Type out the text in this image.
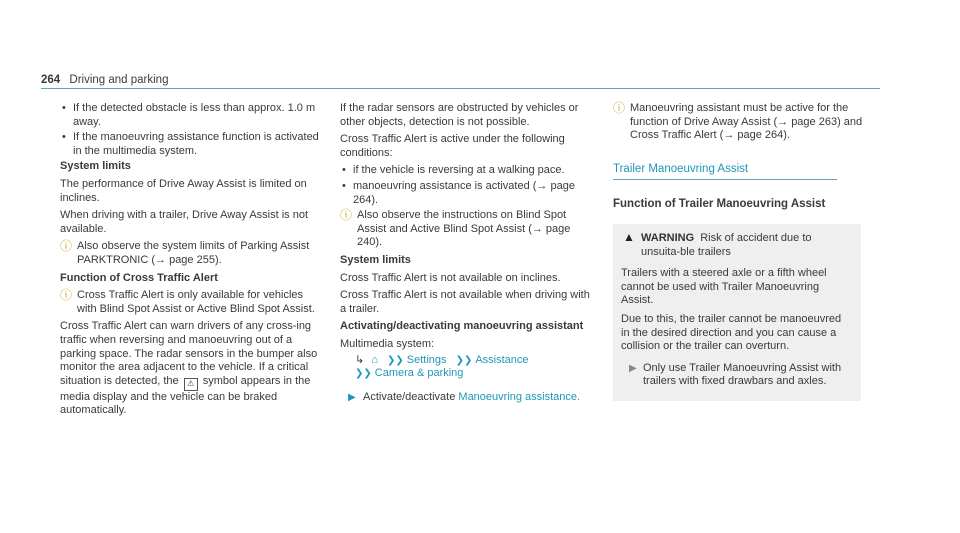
264 Driving and parking
• If the detected obstacle is less than approx. 1.0 m away.
• If the manoeuvring assistance function is activated in the multimedia system.

System limits

The performance of Drive Away Assist is limited on inclines.

When driving with a trailer, Drive Away Assist is not available.

ⓘ Also observe the system limits of Parking Assist PARKTRONIC (→ page 255).

Function of Cross Traffic Alert

ⓘ Cross Traffic Alert is only available for vehicles with Blind Spot Assist or Active Blind Spot Assist.

Cross Traffic Alert can warn drivers of any cross-ing traffic when reversing and manoeuvring out of a parking space. The radar sensors in the bumper also monitor the area adjacent to the vehicle. If a critical situation is detected, the ⚠ symbol appears in the media display and the vehicle can be braked automatically.

If the radar sensors are obstructed by vehicles or other objects, detection is not possible.

Cross Traffic Alert is active under the following conditions:

• if the vehicle is reversing at a walking pace.
• manoeuvring assistance is activated (→ page 264).
ⓘ Also observe the instructions on Blind Spot Assist and Active Blind Spot Assist (→ page 240).

System limits

Cross Traffic Alert is not available on inclines.

Cross Traffic Alert is not available when driving with a trailer.

Activating/deactivating manoeuvring assistant

Multimedia system:

↳ ⌂ ❯❯ Settings ❯❯ Assistance
❯❯ Camera & parking
▶ Activate/deactivate Manoeuvring assistance.
ⓘ Manoeuvring assistant must be active for the function of Drive Away Assist (→ page 263) and Cross Traffic Alert (→ page 264).
Trailer Manoeuvring Assist
Function of Trailer Manoeuvring Assist
▲ WARNING Risk of accident due to unsuita-ble trailers
Trailers with a steered axle or a fifth wheel cannot be used with Trailer Manoeuvring Assist.
Due to this, the trailer cannot be manoeuvred in the desired direction and you can cause a collision or the trailer can overturn.
▶ Only use Trailer Manoeuvring Assist with trailers with fixed drawbars and axles.
